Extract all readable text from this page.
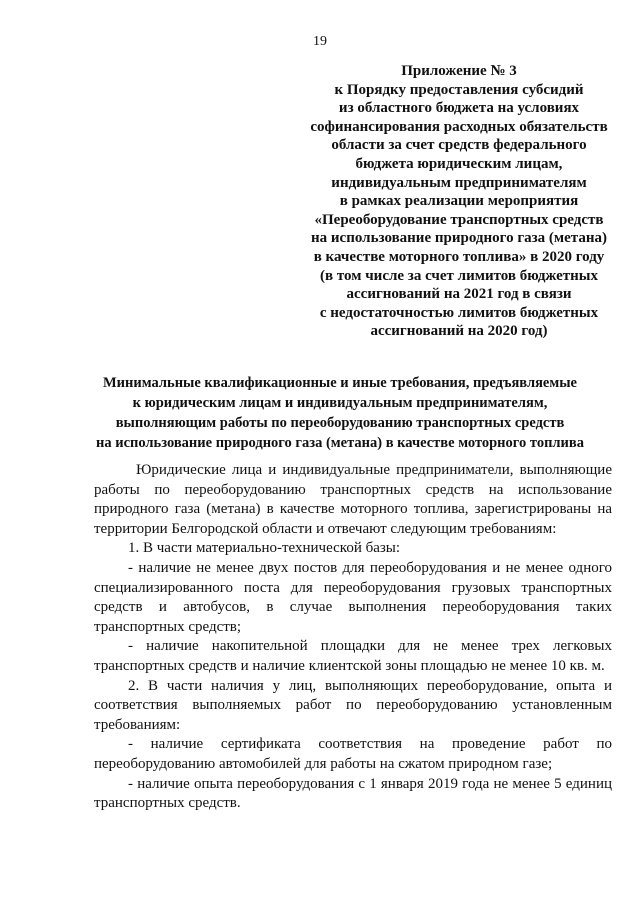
19
Приложение № 3
к Порядку предоставления субсидий
из областного бюджета на условиях
софинансирования расходных обязательств
области за счет средств федерального
бюджета юридическим лицам,
индивидуальным предпринимателям
в рамках реализации мероприятия
«Переоборудование транспортных средств
на использование природного газа (метана)
в качестве моторного топлива» в 2020 году
(в том числе за счет лимитов бюджетных
ассигнований на 2021 год в связи
с недостаточностью лимитов бюджетных
ассигнований на 2020 год)
Минимальные квалификационные и иные требования, предъявляемые
к юридическим лицам и индивидуальным предпринимателям,
выполняющим работы по переоборудованию транспортных средств
на использование природного газа (метана) в качестве моторного топлива

Юридические лица и индивидуальные предприниматели, выполняющие работы по переоборудованию транспортных средств на использование природного газа (метана) в качестве моторного топлива, зарегистрированы на территории Белгородской области и отвечают следующим требованиям:

1. В части материально-технической базы:

- наличие не менее двух постов для переоборудования и не менее одного специализированного поста для переоборудования грузовых транспортных средств и автобусов, в случае выполнения переоборудования таких транспортных средств;

- наличие накопительной площадки для не менее трех легковых транспортных средств и наличие клиентской зоны площадью не менее 10 кв. м.

2. В части наличия у лиц, выполняющих переоборудование, опыта и соответствия выполняемых работ по переоборудованию установленным требованиям:

- наличие сертификата соответствия на проведение работ по переоборудованию автомобилей для работы на сжатом природном газе;

- наличие опыта переоборудования с 1 января 2019 года не менее 5 единиц транспортных средств.
